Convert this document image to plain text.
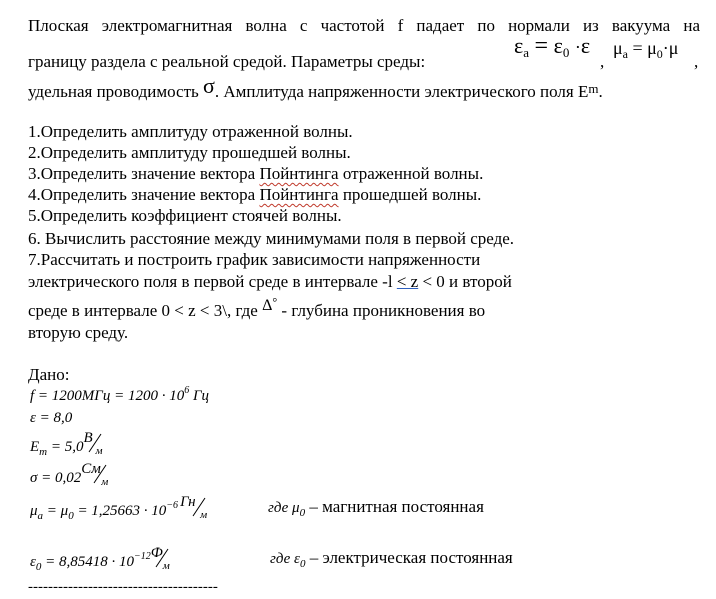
Плоская электромагнитная волна с частотой f падает по нормали из вакуума на
границу раздела с реальной средой. Параметры среды:
εa = ε0 ·ε
,
$\mu_a = \mu_0\cdot\mu$
,
удельная проводимость σ. Амплитуда напряженности электрического поля $E^m$.
1.Определить амплитуду отраженной волны.
2.Определить амплитуду прошедшей волны.
3.Определить значение вектора Пойнтинга отраженной волны.
4.Определить значение вектора Пойнтинга прошедшей волны.
5.Определить коэффициент стоячей волны.
6. Вычислить расстояние между минимумами поля в первой среде.
7.Рассчитать и построить график зависимости напряженности
электрического поля в первой среде в интервале -l < z < 0 и второй
среде в интервале 0 < z < 3\, где Δ° - глубина проникновения во
вторую среду.
Дано:
$f = 1200МГц = 1200 \cdot 10^6$ Гц
ε = 8,0
$E_m = 5,0$
В
м
σ = 0,02
См
м
$\mu_a = \mu_0 = 1,25663 \cdot 10^{-6}$ Гн
м	где $\mu_0$ – магнитная постоянная
$\varepsilon_0 = 8,85418 \cdot 10^{-12}$ Ф
м	где $\varepsilon_0$ – электрическая постоянная
--------------------------------------
